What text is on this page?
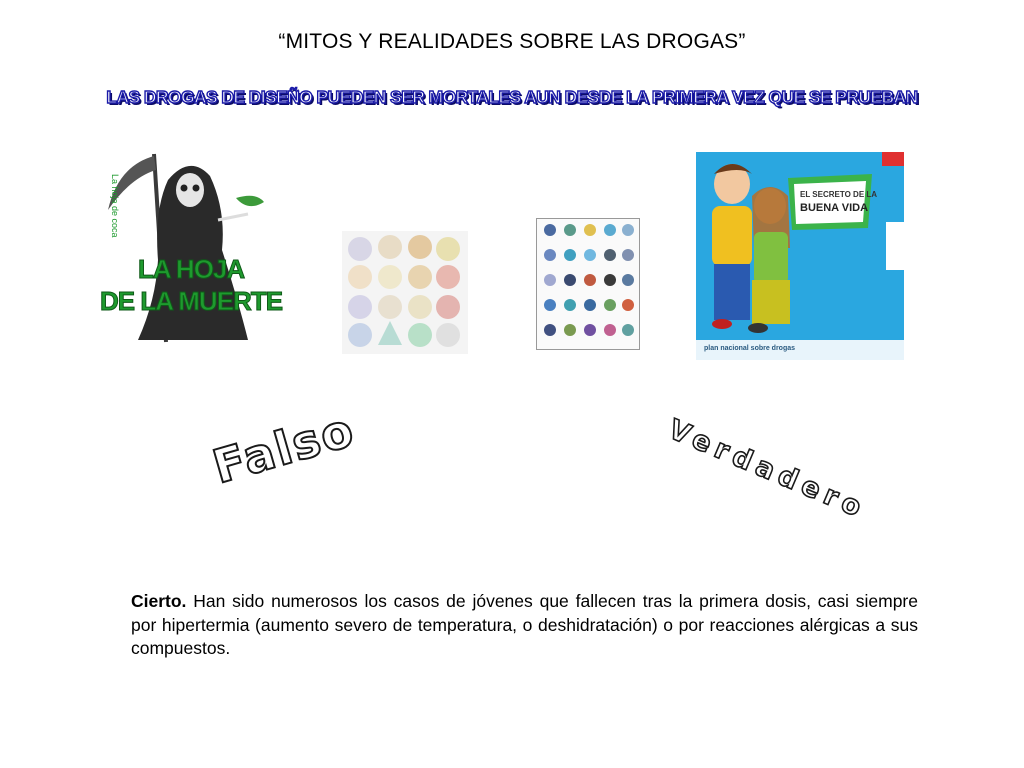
“MITOS Y REALIDADES SOBRE LAS DROGAS”
LAS DROGAS DE DISEÑO PUEDEN SER MORTALES AUN DESDE LA PRIMERA VEZ QUE SE PRUEBAN
La hoja de coca
LA HOJA
DE LA MUERTE
EL SECRETO DE LA
BUENA VIDA
plan nacional sobre drogas
Falso	Verdadero
Cierto. Han sido numerosos los casos de jóvenes que fallecen tras la primera dosis, casi siempre por hipertermia (aumento severo de temperatura, o deshidratación) o por reacciones alérgicas a sus compuestos.
